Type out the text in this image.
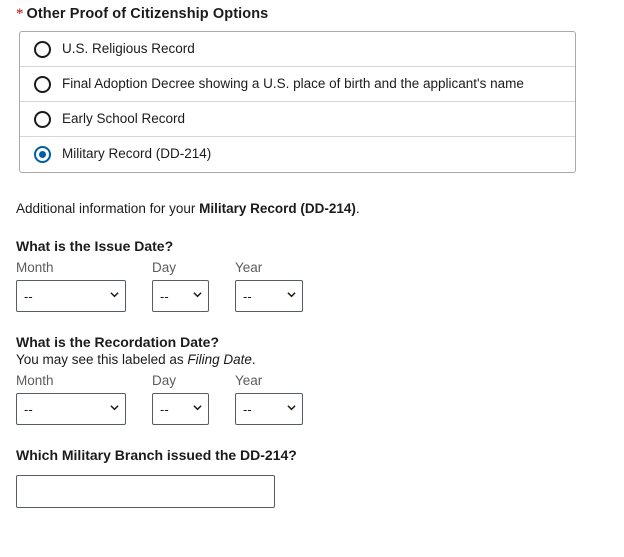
* Other Proof of Citizenship Options
U.S. Religious Record
Final Adoption Decree showing a U.S. place of birth and the applicant's name
Early School Record
Military Record (DD-214)
Additional information for your Military Record (DD-214).
What is the Issue Date?
Month
--
Day
--
Year
--
What is the Recordation Date?
You may see this labeled as Filing Date.
Month
--
Day
--
Year
--
Which Military Branch issued the DD-214?
